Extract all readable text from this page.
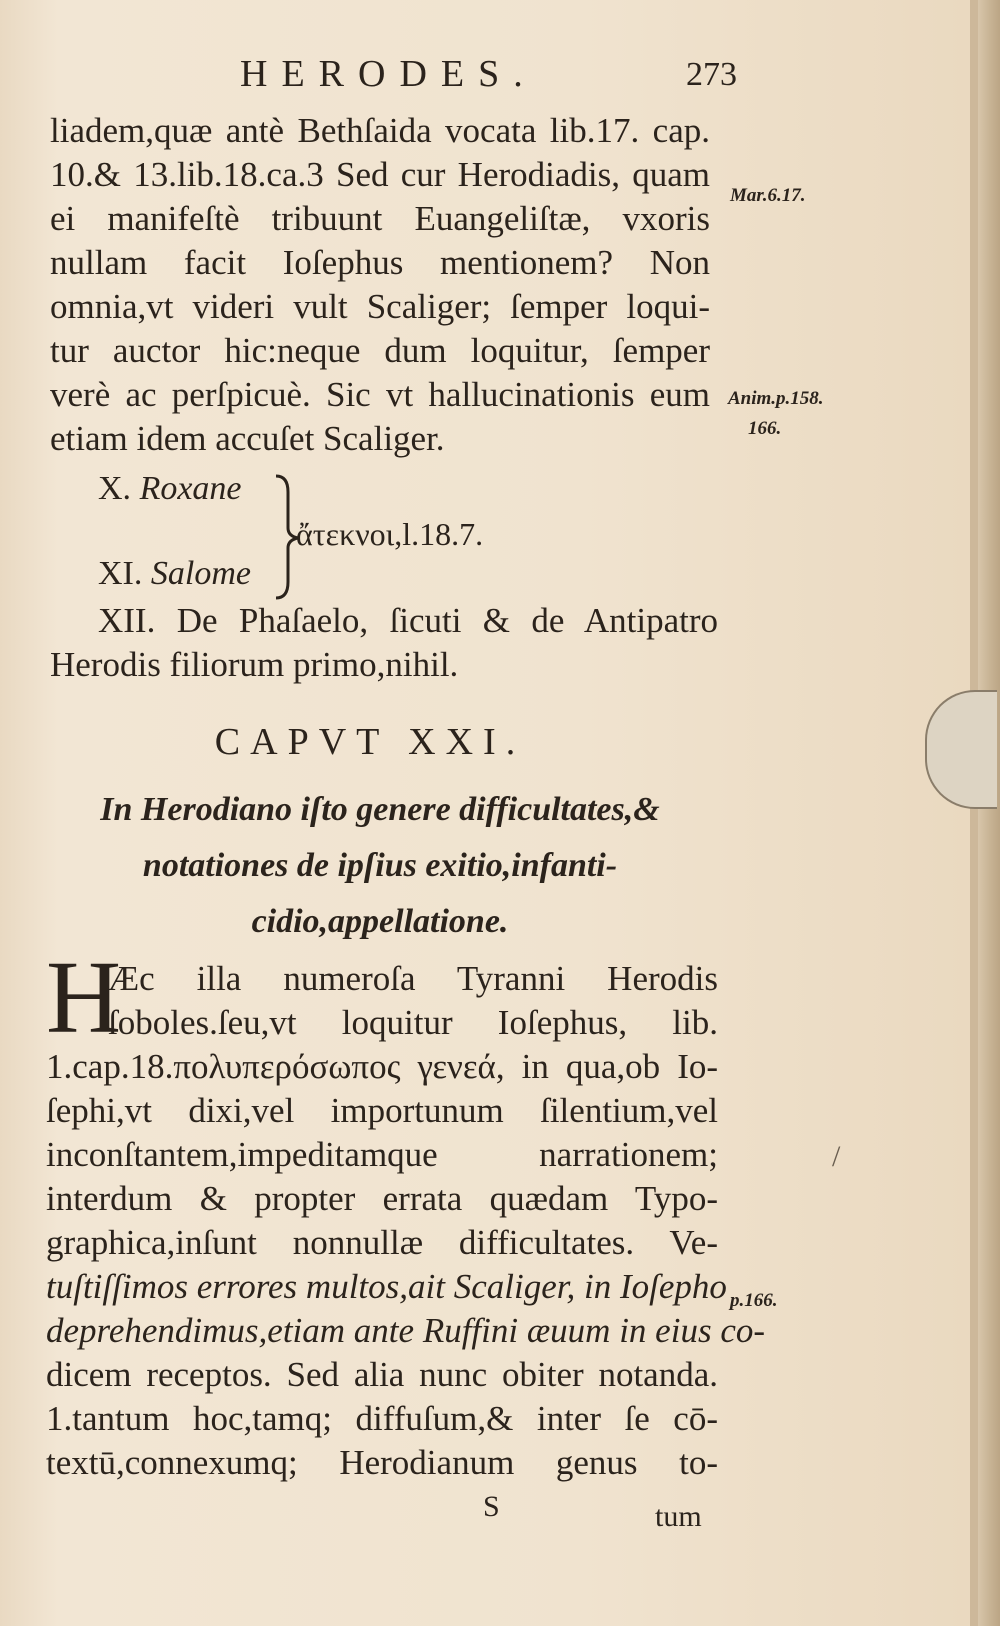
HERODES.	273
liadem,quæ antè Bethſaida vocata lib.17. cap.
10.& 13.lib.18.ca.3 Sed cur Herodiadis, quam
ei manifeſtè tribuunt Euangeliſtæ, vxoris
nullam facit Ioſephus mentionem? Non
omnia,vt videri vult Scaliger; ſemper loqui-
tur auctor hic:neque dum loquitur, ſemper
verè ac perſpicuè. Sic vt hallucinationis eum
etiam idem accuſet Scaliger.
Mar.6.17.
Anim.p.158.
166.
X. Roxane
XI. Salome
ἄτεκνοι,l.18.7.
XII. De Phaſaelo, ſicuti & de Antipatro
Herodis filiorum primo,nihil.
CAPVT XXI.
In Herodiano iſto genere difficultates,&
notationes de ipſius exitio,infanti-
cidio,appellatione.
H
Æc illa numeroſa Tyranni Herodis
ſoboles.ſeu,vt loquitur Ioſephus, lib.
1.cap.18.πολυπερόσωπος γενεά, in qua,ob Io-
ſephi,vt dixi,vel importunum ſilentium,vel
inconſtantem,impeditamque narrationem;
interdum & propter errata quædam Typo-
graphica,inſunt nonnullæ difficultates. Ve-
tuſtiſſimos errores multos,ait Scaliger, in Ioſepho
deprehendimus,etiam ante Ruffini æuum in eius co-
dicem receptos. Sed alia nunc obiter notanda.
1.tantum hoc,tamq; diffuſum,& inter ſe cō-
textū,connexumq; Herodianum genus to-
p.166.
S	tum
/
